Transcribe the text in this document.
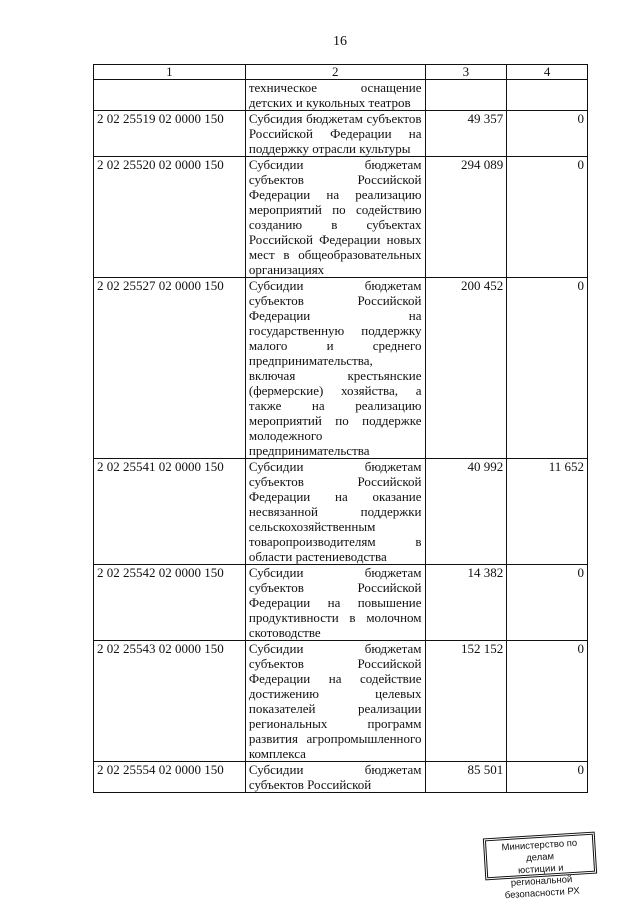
16
1	2	3	4
	техническое оснащение детских и кукольных театров		
2 02 25519 02 0000 150	Субсидия бюджетам субъектов Российской Федерации на поддержку отрасли культуры	49 357	0
2 02 25520 02 0000 150	Субсидии бюджетам субъектов Российской Федерации на реализацию мероприятий по содействию созданию в субъектах Российской Федерации новых мест в общеобразовательных организациях	294 089	0
2 02 25527 02 0000 150	Субсидии бюджетам субъектов Российской Федерации на государственную поддержку малого и среднего предпринимательства, включая крестьянские (фермерские) хозяйства, а также на реализацию мероприятий по поддержке молодежного предпринимательства	200 452	0
2 02 25541 02 0000 150	Субсидии бюджетам субъектов Российской Федерации на оказание несвязанной поддержки сельскохозяйственным товаропроизводителям в области растениеводства	40 992	11 652
2 02 25542 02 0000 150	Субсидии бюджетам субъектов Российской Федерации на повышение продуктивности в молочном скотоводстве	14 382	0
2 02 25543 02 0000 150	Субсидии бюджетам субъектов Российской Федерации на содействие достижению целевых показателей реализации региональных программ развития агропромышленного комплекса	152 152	0
2 02 25554 02 0000 150	Субсидии бюджетам субъектов Российской	85 501	0
Министерство по делам
юстиции и региональной
безопасности РХ
